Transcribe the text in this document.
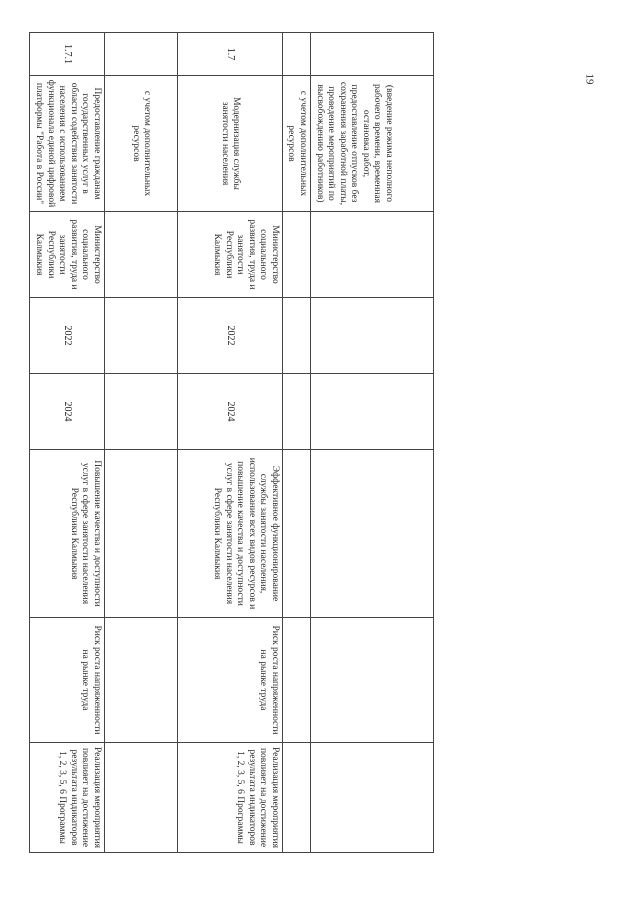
19
	(введение режима неполного рабочего времени, временная остановка работ, предоставление отпусков без сохранения заработной платы, проведение мероприятий по высвобождению работников)						
	с учетом дополнительных ресурсов						
1.7	Модернизация службы занятости населения	Министерство социального развития, труда и занятости Республики Калмыкия	2022	2024	Эффективное функционирование службы занятости населения, использование всех видов ресурсов и повышение качества и доступности услуг в сфере занятости населения Республики Калмыкия	Риск роста напряженности на рынке труда	Реализация мероприятия повлияет на достижение результата индикаторов 1, 2, 3, 5, 6 Программы
	с учетом дополнительных ресурсов						
1.7.1	Предоставление гражданам государственных услуг в области содействия занятости населения с использованием функционала единой цифровой платформы "Работа в России"	Министерство социального развития, труда и занятости Республики Калмыкия	2022	2024	Повышение качества и доступности услуг в сфере занятости населения Республики Калмыкия	Риск роста напряженности на рынке труда	Реализация мероприятия повлияет на достижение результата индикаторов 1, 2, 3, 5, 6 Программы
